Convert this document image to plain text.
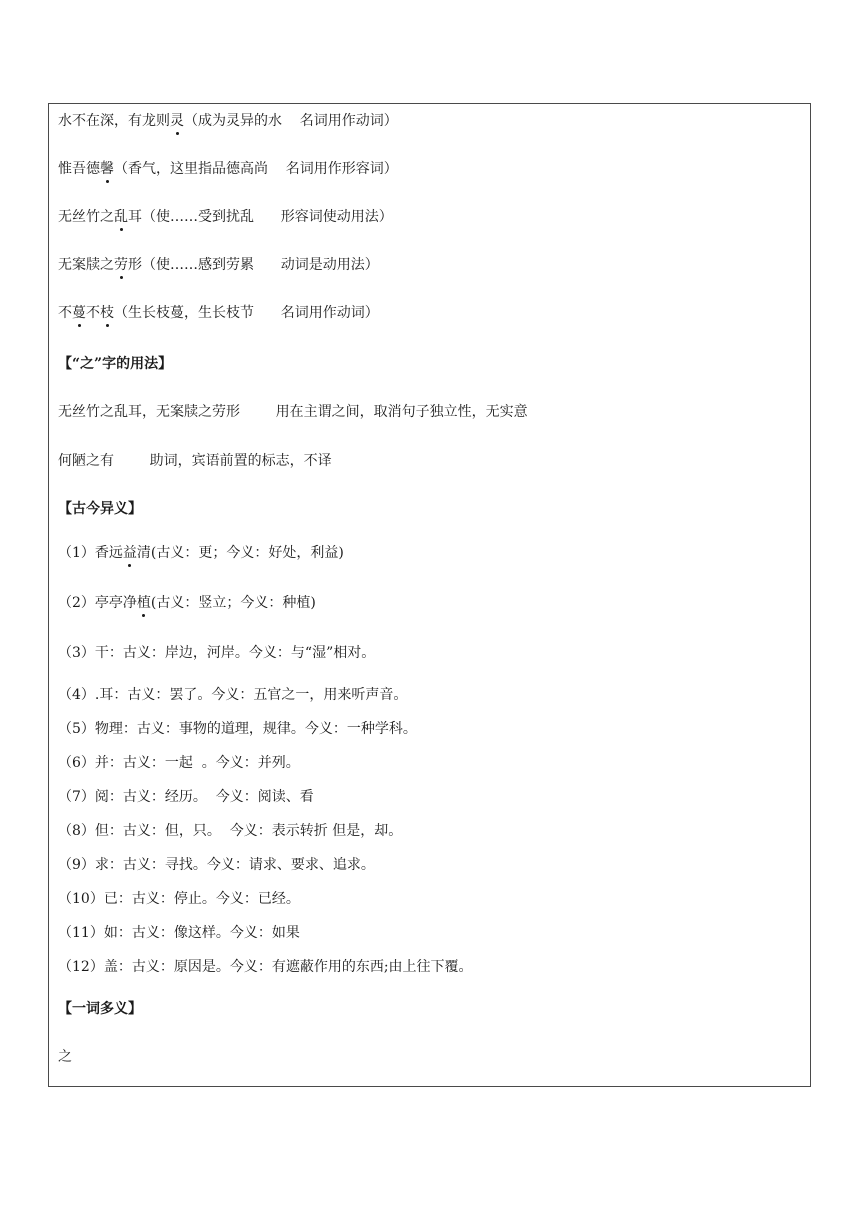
水不在深，有龙则灵（成为灵异的水    名词用作动词）
惟吾德馨（香气，这里指品德高尚    名词用作形容词）
无丝竹之乱耳（使……受到扰乱      形容词使动用法）
无案牍之劳形（使……感到劳累      动词是动用法）
不蔓不枝（生长枝蔓，生长枝节      名词用作动词）
【“之”字的用法】
无丝竹之乱耳，无案牍之劳形        用在主谓之间，取消句子独立性，无实意
何陋之有        助词，宾语前置的标志，不译
【古今异义】
（1）香远益清(古义：更；今义：好处，利益)
（2）亭亭净植(古义：竖立；今义：种植)
（3）干：古义：岸边，河岸。今义：与“湿”相对。
（4）.耳：古义：罢了。今义：五官之一，用来听声音。
（5）物理：古义：事物的道理，规律。今义：一种学科。
（6）并：古义：一起  。今义：并列。
（7）阅：古义：经历。  今义：阅读、看
（8）但：古义：但，只。  今义：表示转折 但是，却。
（9）求：古义：寻找。今义：请求、要求、追求。
（10）已：古义：停止。今义：已经。
（11）如：古义：像这样。今义：如果
（12）盖：古义：原因是。今义：有遮蔽作用的东西;由上往下覆。
【一词多义】
之
